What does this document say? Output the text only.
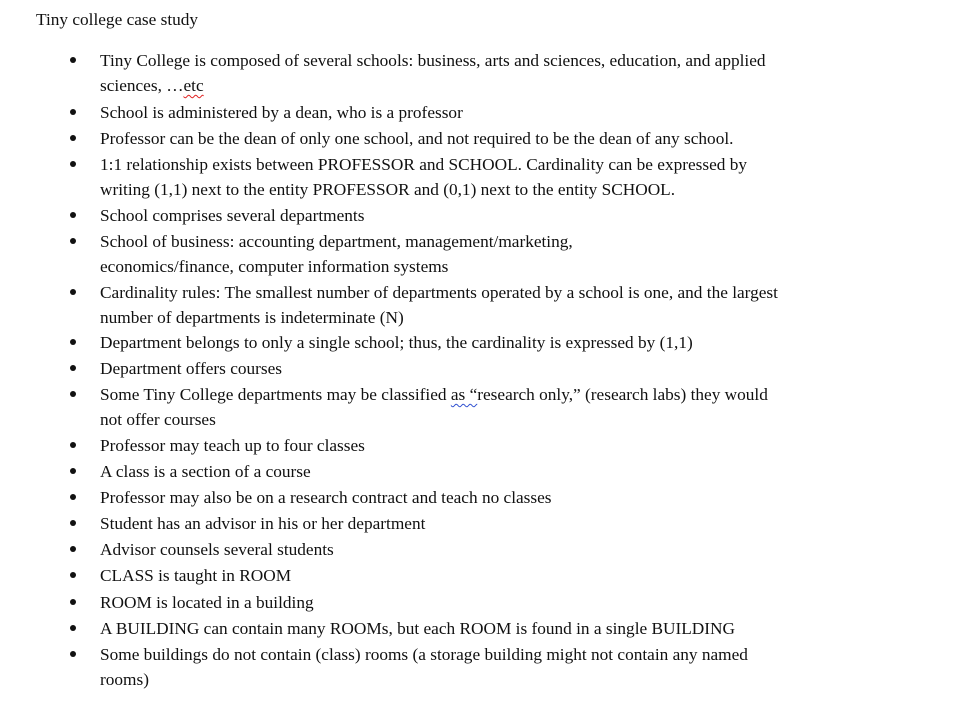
Tiny college case study
Tiny College is composed of several schools: business, arts and sciences, education, and applied
sciences, …etc
School is administered by a dean, who is a professor
Professor can be the dean of only one school, and not required to be the dean of any school.
1:1 relationship exists between PROFESSOR and SCHOOL. Cardinality can be expressed by
writing (1,1) next to the entity PROFESSOR and (0,1) next to the entity SCHOOL.
School comprises several departments
School of business: accounting department, management/marketing,
economics/finance, computer information systems
Cardinality rules: The smallest number of departments operated by a school is one, and the largest
number of departments is indeterminate (N)
Department belongs to only a single school; thus, the cardinality is expressed by (1,1)
Department offers courses
Some Tiny College departments may be classified as “research only,” (research labs) they would
not offer courses
Professor may teach up to four classes
A class is a section of a course
Professor may also be on a research contract and teach no classes
Student has an advisor in his or her department
Advisor counsels several students
CLASS is taught in ROOM
ROOM is located in a building
A BUILDING can contain many ROOMs, but each ROOM is found in a single BUILDING
Some buildings do not contain (class) rooms (a storage building might not contain any named
rooms)
